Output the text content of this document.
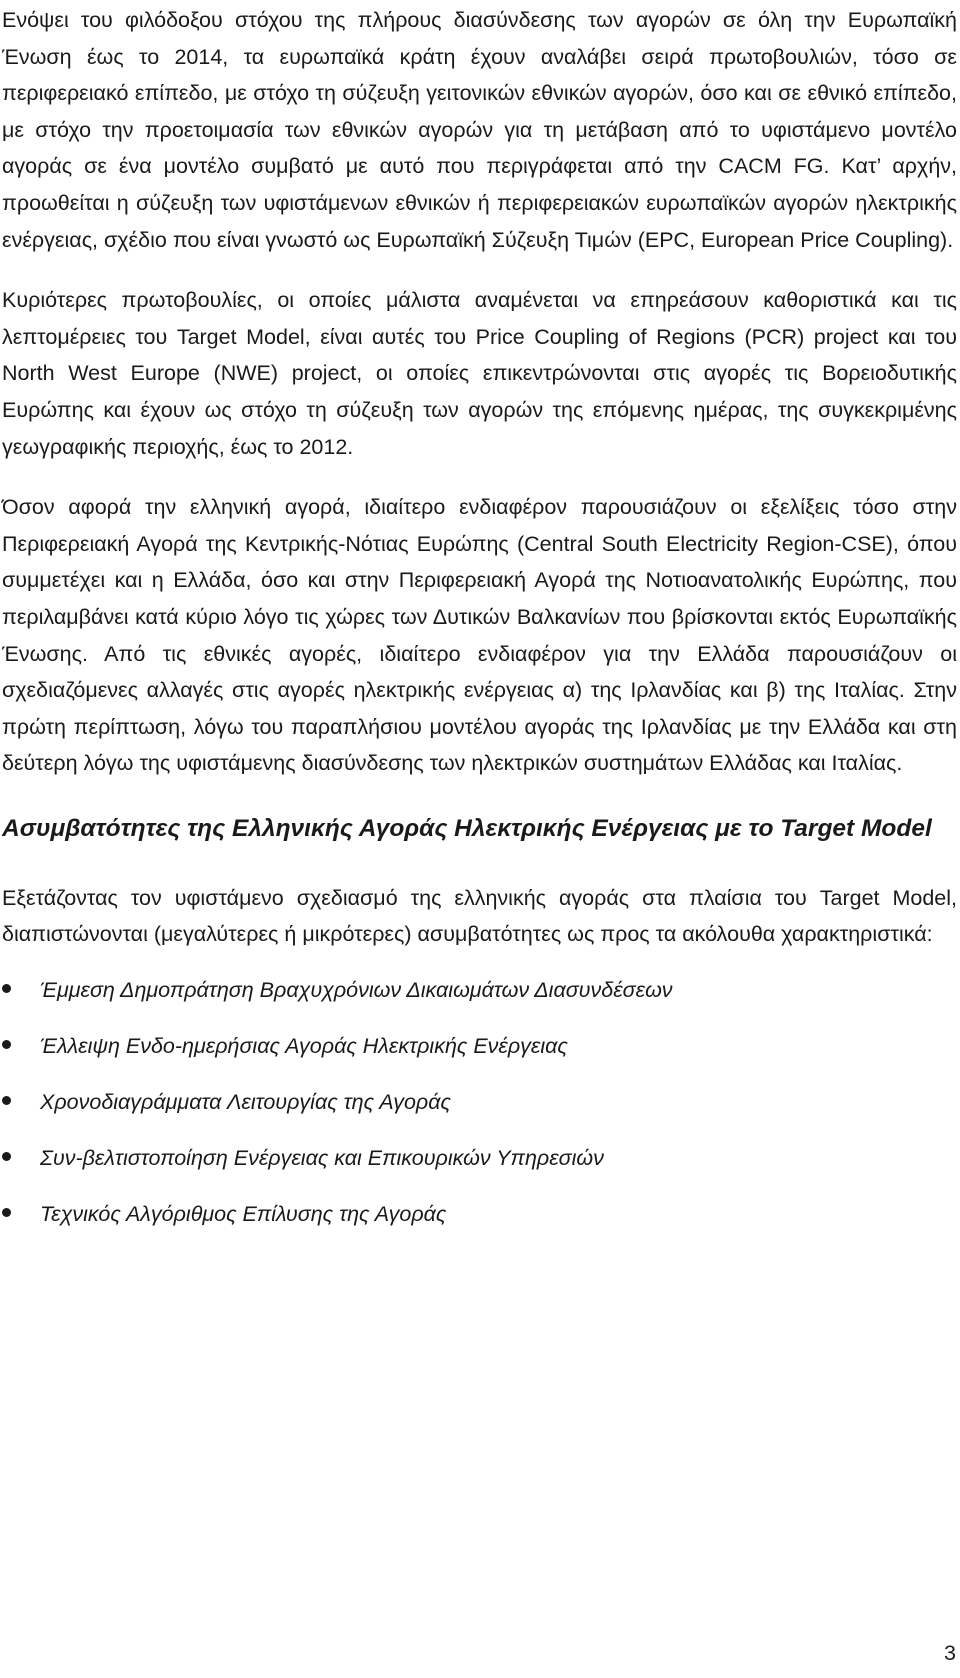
Ενόψει του φιλόδοξου στόχου της πλήρους διασύνδεσης των αγορών σε όλη την Ευρωπαϊκή Ένωση έως το 2014, τα ευρωπαϊκά κράτη έχουν αναλάβει σειρά πρωτοβουλιών, τόσο σε περιφερειακό επίπεδο, με στόχο τη σύζευξη γειτονικών εθνικών αγορών, όσο και σε εθνικό επίπεδο, με στόχο την προετοιμασία των εθνικών αγορών για τη μετάβαση από το υφιστάμενο μοντέλο αγοράς σε ένα μοντέλο συμβατό με αυτό που περιγράφεται από την CACM FG. Κατ’ αρχήν, προωθείται η σύζευξη των υφιστάμενων εθνικών ή περιφερειακών ευρωπαϊκών αγορών ηλεκτρικής ενέργειας, σχέδιο που είναι γνωστό ως Ευρωπαϊκή Σύζευξη Τιμών (EPC, European Price Coupling).

Κυριότερες πρωτοβουλίες, οι οποίες μάλιστα αναμένεται να επηρεάσουν καθοριστικά και τις λεπτομέρειες του Target Model, είναι αυτές του Price Coupling of Regions (PCR) project και του North West Europe (NWE) project, οι οποίες επικεντρώνονται στις αγορές τις Βορειοδυτικής Ευρώπης και έχουν ως στόχο τη σύζευξη των αγορών της επόμενης ημέρας, της συγκεκριμένης γεωγραφικής περιοχής, έως το 2012.

Όσον αφορά την ελληνική αγορά, ιδιαίτερο ενδιαφέρον παρουσιάζουν οι εξελίξεις τόσο στην Περιφερειακή Αγορά της Κεντρικής-Νότιας Ευρώπης (Central South Electricity Region-CSE), όπου συμμετέχει και η Ελλάδα, όσο και στην Περιφερειακή Αγορά της Νοτιοανατολικής Ευρώπης, που περιλαμβάνει κατά κύριο λόγο τις χώρες των Δυτικών Βαλκανίων που βρίσκονται εκτός Ευρωπαϊκής Ένωσης. Από τις εθνικές αγορές, ιδιαίτερο ενδιαφέρον για την Ελλάδα παρουσιάζουν οι σχεδιαζόμενες αλλαγές στις αγορές ηλεκτρικής ενέργειας α) της Ιρλανδίας και β) της Ιταλίας. Στην πρώτη περίπτωση, λόγω του παραπλήσιου μοντέλου αγοράς της Ιρλανδίας με την Ελλάδα και στη δεύτερη λόγω της υφιστάμενης διασύνδεσης των ηλεκτρικών συστημάτων Ελλάδας και Ιταλίας.

Ασυμβατότητες της Ελληνικής Αγοράς Ηλεκτρικής Ενέργειας με το Target Model

Εξετάζοντας τον υφιστάμενο σχεδιασμό της ελληνικής αγοράς στα πλαίσια του Target Model, διαπιστώνονται (μεγαλύτερες ή μικρότερες) ασυμβατότητες ως προς τα ακόλουθα χαρακτηριστικά:

Έμμεση Δημοπράτηση Βραχυχρόνιων Δικαιωμάτων Διασυνδέσεων
Έλλειψη Ενδο-ημερήσιας Αγοράς Ηλεκτρικής Ενέργειας
Χρονοδιαγράμματα Λειτουργίας της Αγοράς
Συν-βελτιστοποίηση Ενέργειας και Επικουρικών Υπηρεσιών
Τεχνικός Αλγόριθμος Επίλυσης της Αγοράς
3
